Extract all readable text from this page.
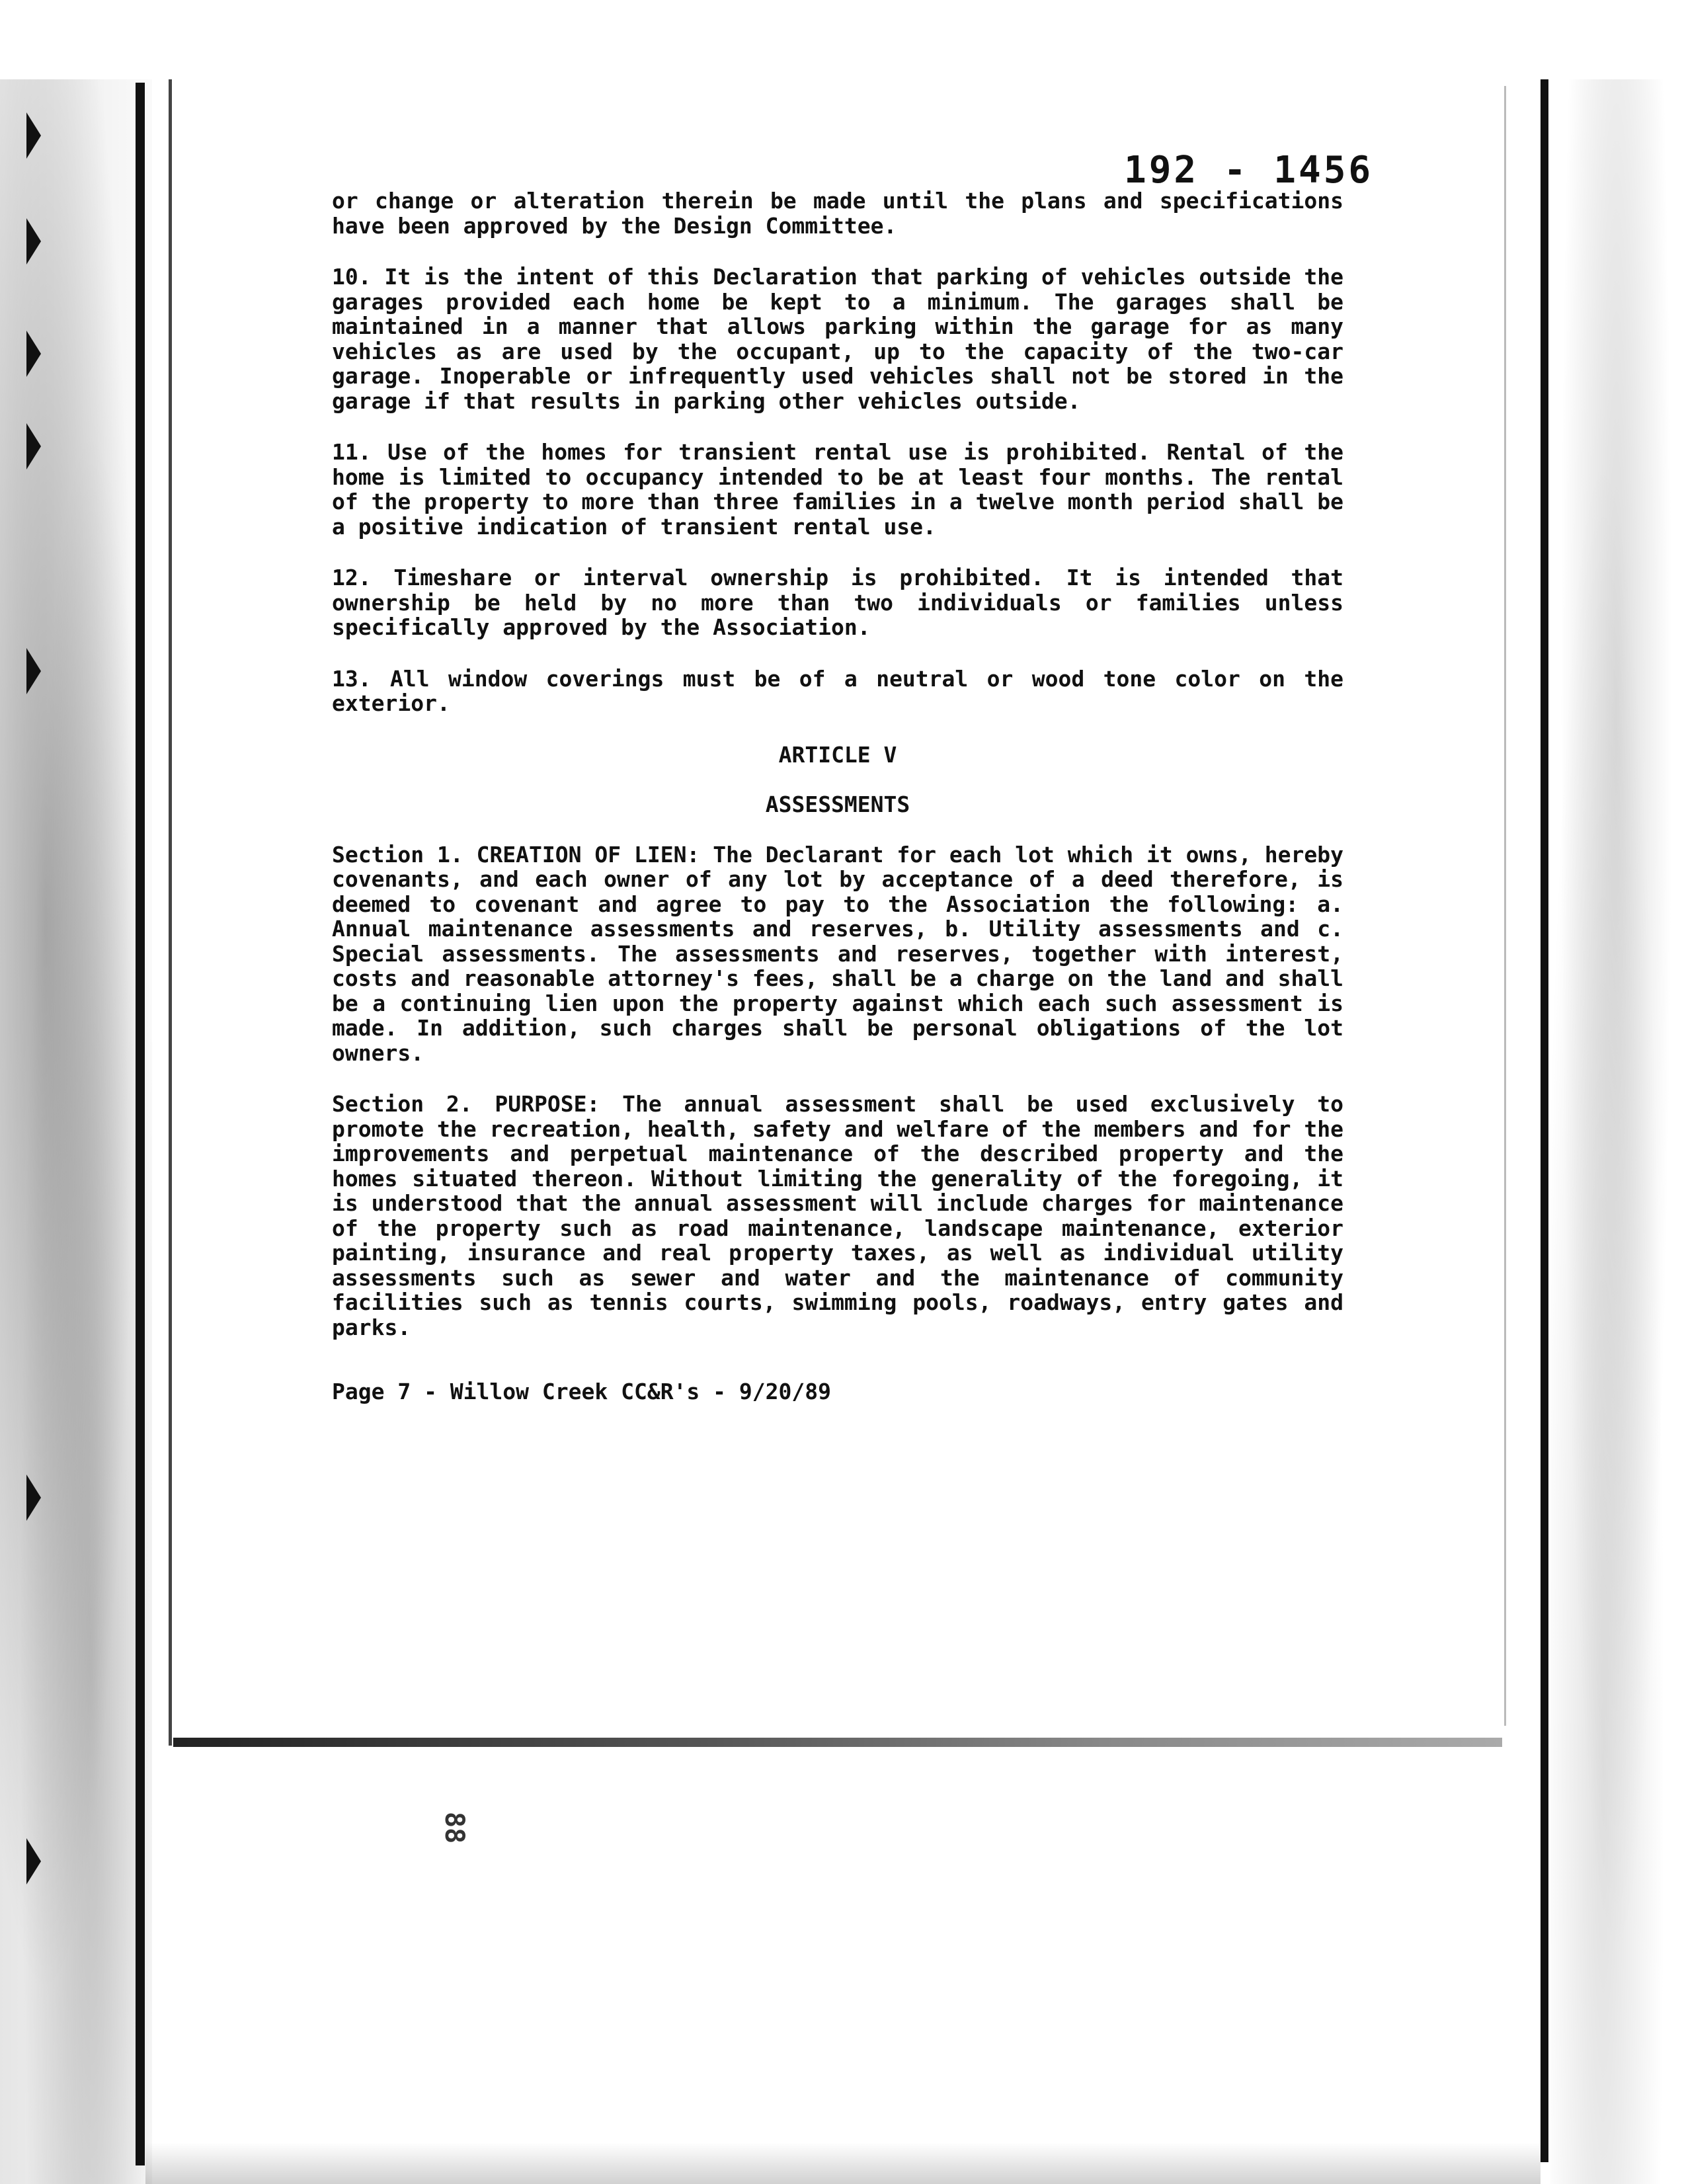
88
192 - 1456

or change or alteration therein be made until the plans and specifications have been approved by the Design Committee.

10. It is the intent of this Declaration that parking of vehicles outside the garages provided each home be kept to a minimum. The garages shall be maintained in a manner that allows parking within the garage for as many vehicles as are used by the occupant, up to the capacity of the two-car garage. Inoperable or infrequently used vehicles shall not be stored in the garage if that results in parking other vehicles outside.

11. Use of the homes for transient rental use is prohibited. Rental of the home is limited to occupancy intended to be at least four months. The rental of the property to more than three families in a twelve month period shall be a positive indication of transient rental use.

12. Timeshare or interval ownership is prohibited. It is intended that ownership be held by no more than two individuals or families unless specifically approved by the Association.

13. All window coverings must be of a neutral or wood tone color on the exterior.

ARTICLE V
ASSESSMENTS

Section 1. CREATION OF LIEN: The Declarant for each lot which it owns, hereby covenants, and each owner of any lot by acceptance of a deed therefore, is deemed to covenant and agree to pay to the Association the following: a. Annual maintenance assessments and reserves, b. Utility assessments and c. Special assessments. The assessments and reserves, together with interest, costs and reasonable attorney's fees, shall be a charge on the land and shall be a continuing lien upon the property against which each such assessment is made. In addition, such charges shall be personal obligations of the lot owners.

Section 2. PURPOSE: The annual assessment shall be used exclusively to promote the recreation, health, safety and welfare of the members and for the improvements and perpetual maintenance of the described property and the homes situated thereon. Without limiting the generality of the foregoing, it is understood that the annual assessment will include charges for maintenance of the property such as road maintenance, landscape maintenance, exterior painting, insurance and real property taxes, as well as individual utility assessments such as sewer and water and the maintenance of community facilities such as tennis courts, swimming pools, roadways, entry gates and parks.

Page 7 - Willow Creek CC&R's - 9/20/89
